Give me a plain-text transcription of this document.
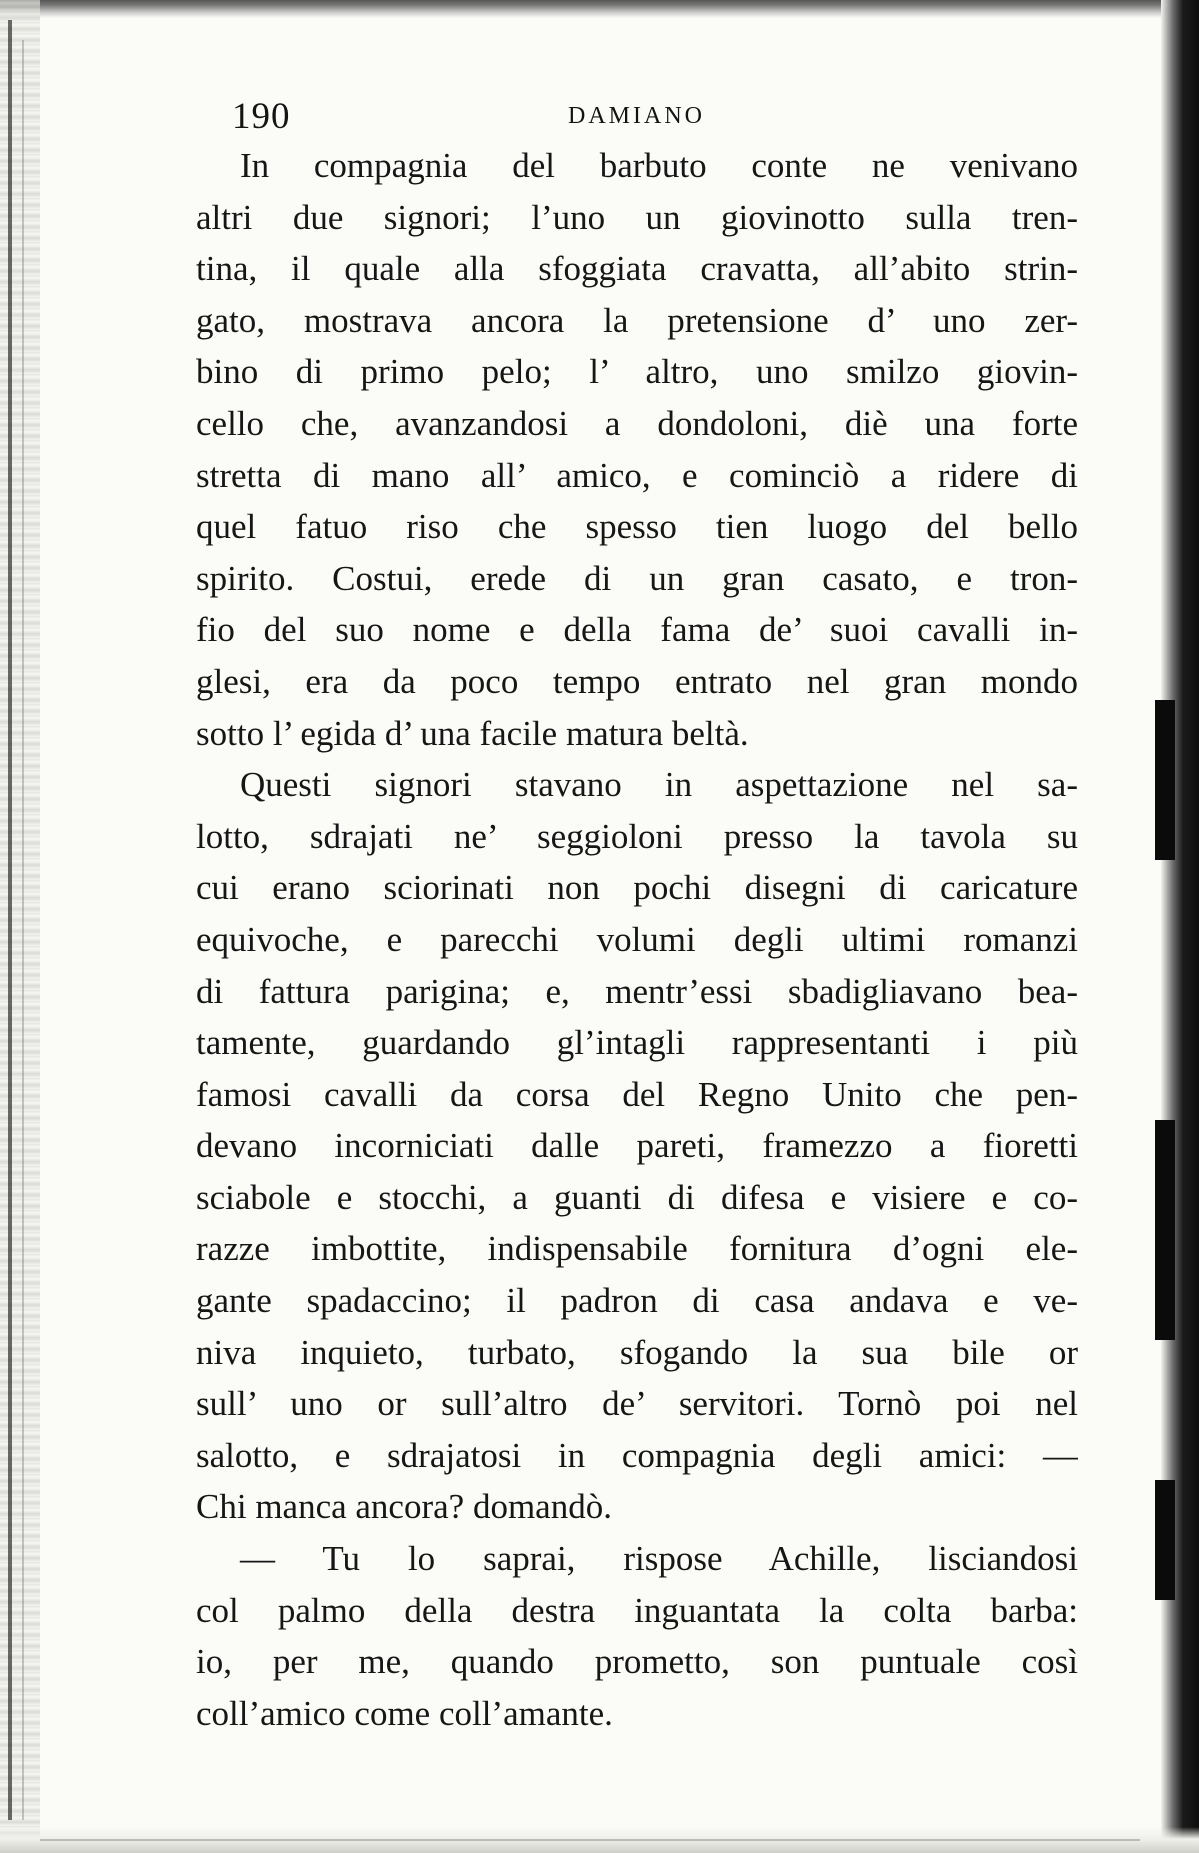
190	DAMIANO
In compagnia del barbuto conte ne venivano
altri due signori; l’uno un giovinotto sulla tren-
tina, il quale alla sfoggiata cravatta, all’abito strin-
gato, mostrava ancora la pretensione d’ uno zer-
bino di primo pelo; l’ altro, uno smilzo giovin-
cello che, avanzandosi a dondoloni, diè una forte
stretta di mano all’ amico, e cominciò a ridere di
quel fatuo riso che spesso tien luogo del bello
spirito. Costui, erede di un gran casato, e tron-
fio del suo nome e della fama de’ suoi cavalli in-
glesi, era da poco tempo entrato nel gran mondo
sotto l’ egida d’ una facile matura beltà.
Questi signori stavano in aspettazione nel sa-
lotto, sdrajati ne’ seggioloni presso la tavola su
cui erano sciorinati non pochi disegni di caricature
equivoche, e parecchi volumi degli ultimi romanzi
di fattura parigina; e, mentr’essi sbadigliavano bea-
tamente, guardando gl’intagli rappresentanti i più
famosi cavalli da corsa del Regno Unito che pen-
devano incorniciati dalle pareti, framezzo a fioretti
sciabole e stocchi, a guanti di difesa e visiere e co-
razze imbottite, indispensabile fornitura d’ogni ele-
gante spadaccino; il padron di casa andava e ve-
niva inquieto, turbato, sfogando la sua bile or
sull’ uno or sull’altro de’ servitori. Tornò poi nel
salotto, e sdrajatosi in compagnia degli amici: —
Chi manca ancora? domandò.
— Tu lo saprai, rispose Achille, lisciandosi
col palmo della destra inguantata la colta barba:
io, per me, quando prometto, son puntuale così
coll’amico come coll’amante.
